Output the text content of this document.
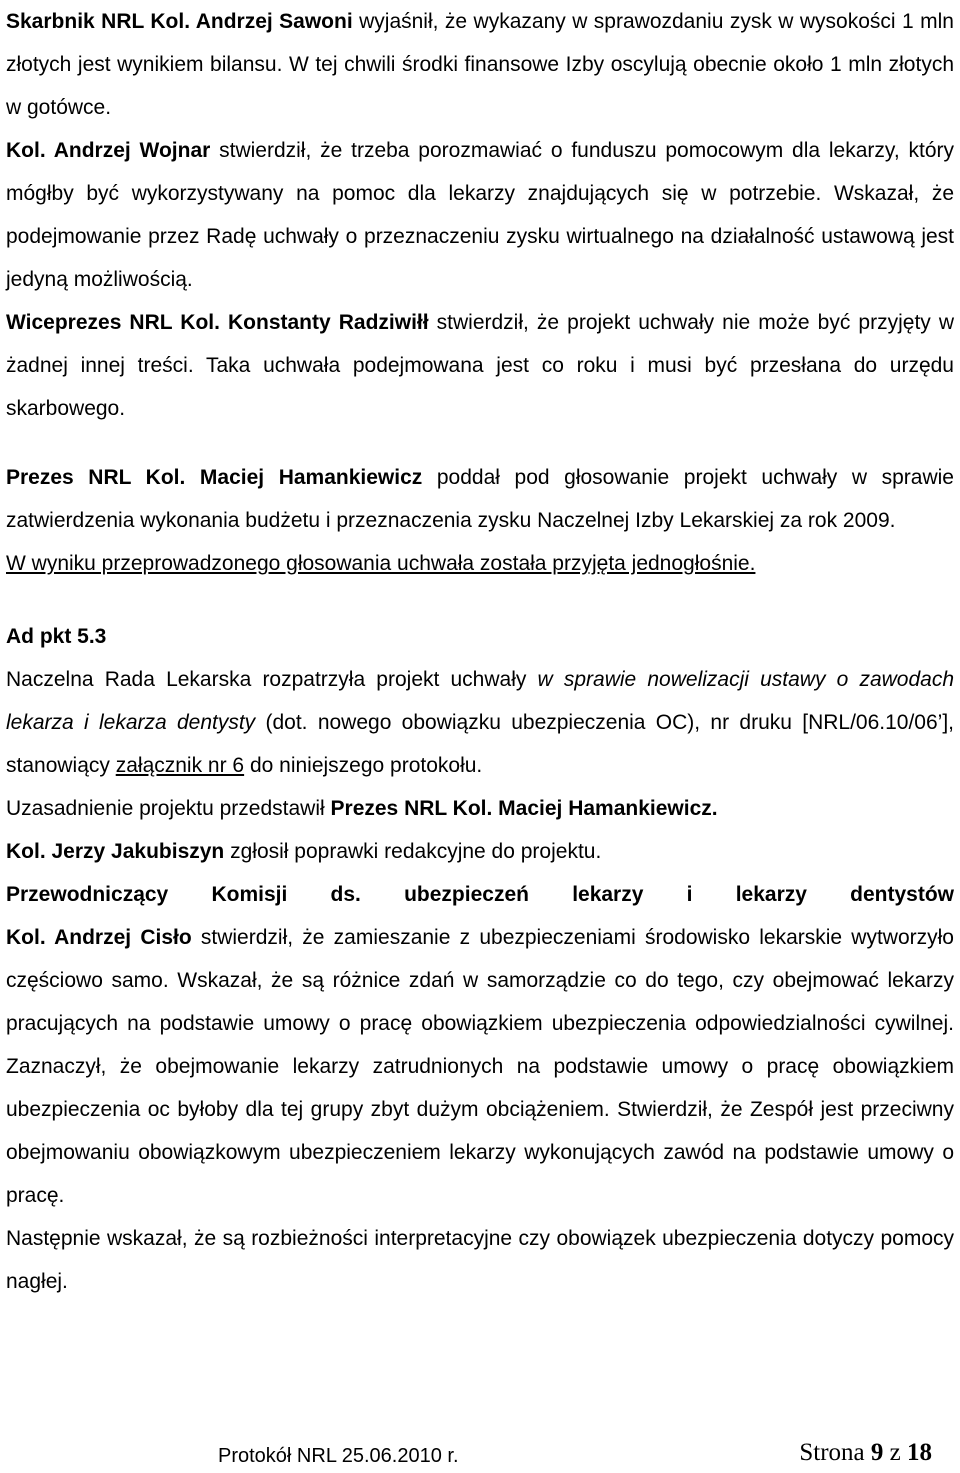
Skarbnik NRL Kol. Andrzej Sawoni wyjaśnił, że wykazany w sprawozdaniu zysk w wysokości 1 mln złotych jest wynikiem bilansu. W tej chwili środki finansowe Izby oscylują obecnie około 1 mln złotych w gotówce.

Kol. Andrzej Wojnar stwierdził, że trzeba porozmawiać o funduszu pomocowym dla lekarzy, który mógłby być wykorzystywany na pomoc dla lekarzy znajdujących się w potrzebie. Wskazał, że podejmowanie przez Radę uchwały o przeznaczeniu zysku wirtualnego na działalność ustawową jest jedyną możliwością.

Wiceprezes NRL Kol. Konstanty Radziwiłł stwierdził, że projekt uchwały nie może być przyjęty w żadnej innej treści. Taka uchwała podejmowana jest co roku i musi być przesłana do urzędu skarbowego.

Prezes NRL Kol. Maciej Hamankiewicz poddał pod głosowanie projekt uchwały w sprawie zatwierdzenia wykonania budżetu i przeznaczenia zysku Naczelnej Izby Lekarskiej za rok 2009.

W wyniku przeprowadzonego głosowania uchwała została przyjęta jednogłośnie.

Ad pkt 5.3

Naczelna Rada Lekarska rozpatrzyła projekt uchwały w sprawie nowelizacji ustawy o zawodach lekarza i lekarza dentysty (dot. nowego obowiązku ubezpieczenia OC), nr druku [NRL/06.10/06’], stanowiący załącznik nr 6 do niniejszego protokołu.

Uzasadnienie projektu przedstawił Prezes NRL Kol. Maciej Hamankiewicz.

Kol. Jerzy Jakubiszyn zgłosił poprawki redakcyjne do projektu.

Przewodniczący Komisji ds. ubezpieczeń lekarzy i lekarzy dentystów

Kol. Andrzej Cisło stwierdził, że zamieszanie z ubezpieczeniami środowisko lekarskie wytworzyło częściowo samo. Wskazał, że są różnice zdań w samorządzie co do tego, czy obejmować lekarzy pracujących na podstawie umowy o pracę obowiązkiem ubezpieczenia odpowiedzialności cywilnej. Zaznaczył, że obejmowanie lekarzy zatrudnionych na podstawie umowy o pracę obowiązkiem ubezpieczenia oc byłoby dla tej grupy zbyt dużym obciążeniem. Stwierdził, że Zespół jest przeciwny obejmowaniu obowiązkowym ubezpieczeniem lekarzy wykonujących zawód na podstawie umowy o pracę.

Następnie wskazał, że są rozbieżności interpretacyjne czy obowiązek ubezpieczenia dotyczy pomocy nagłej.

Protokół NRL 25.06.2010 r.	Strona 9 z 18
